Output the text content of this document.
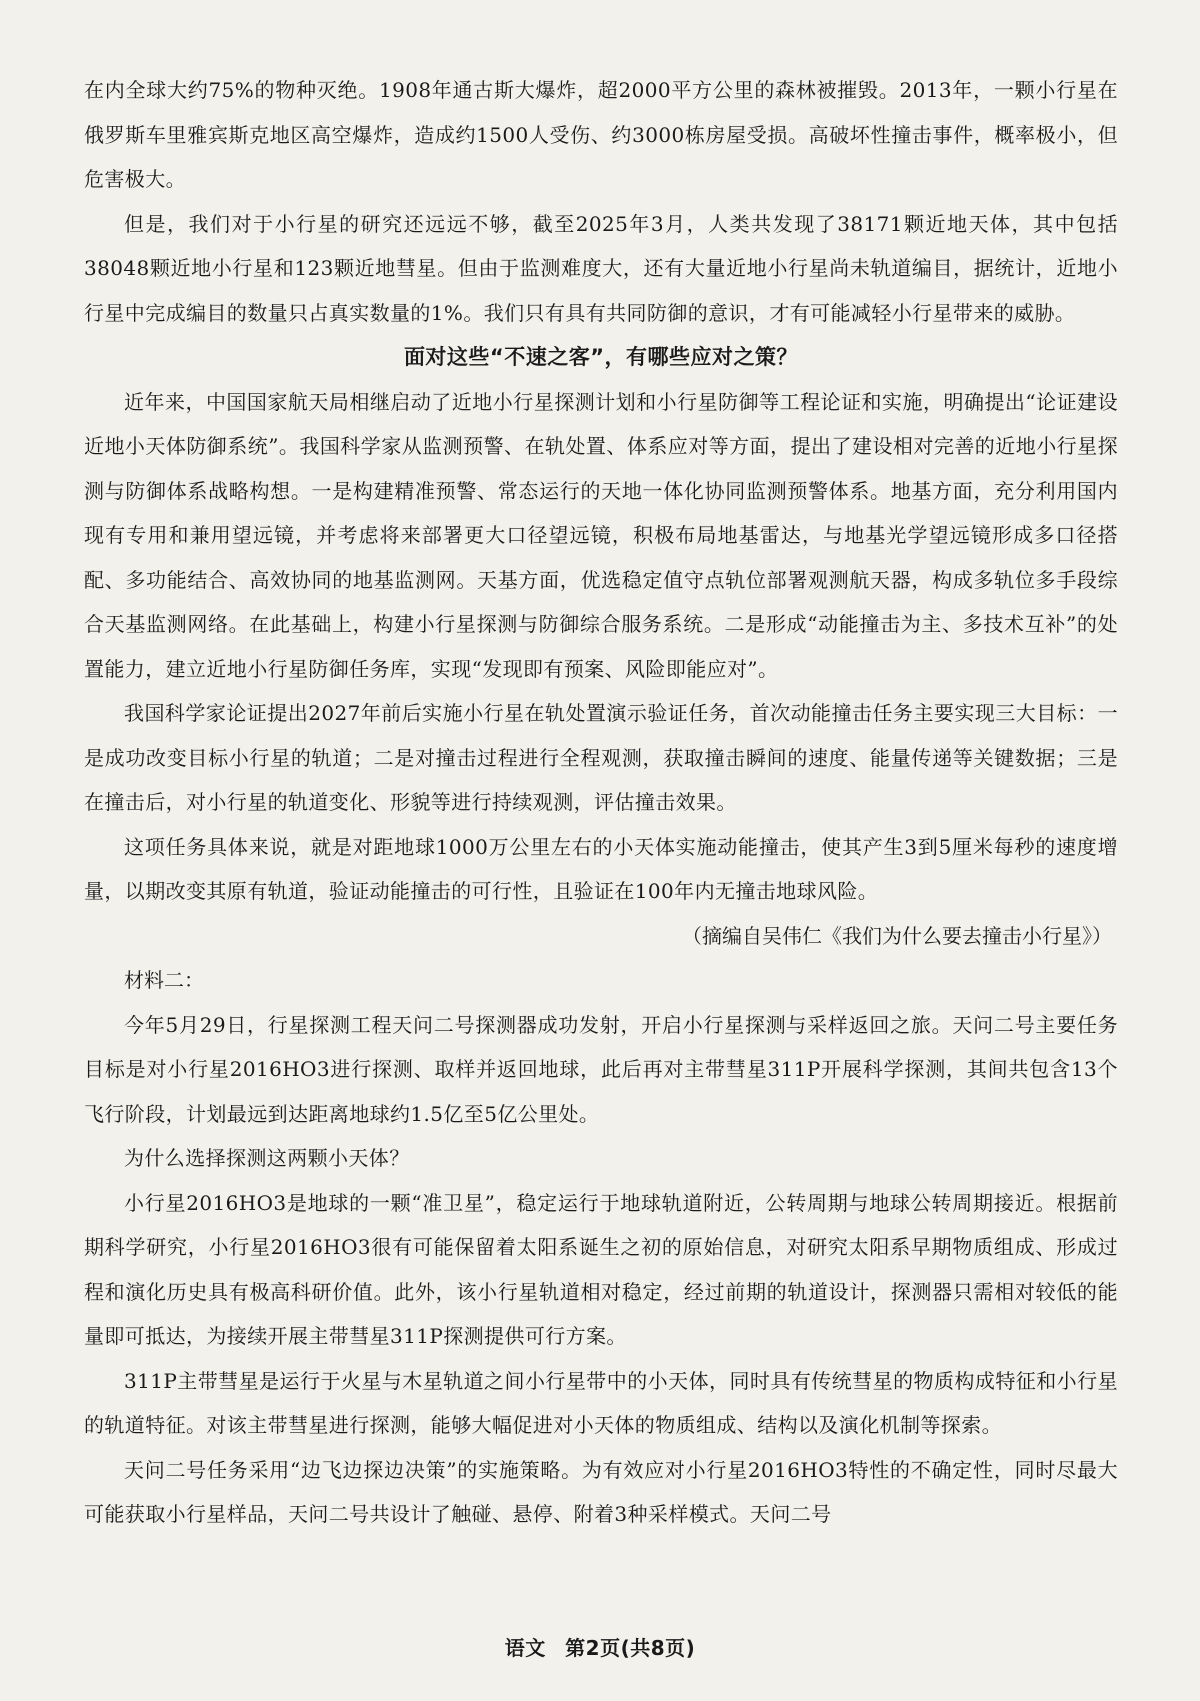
在内全球大约75%的物种灭绝。1908年通古斯大爆炸，超2000平方公里的森林被摧毁。2013年，一颗小行星在俄罗斯车里雅宾斯克地区高空爆炸，造成约1500人受伤、约3000栋房屋受损。高破坏性撞击事件，概率极小，但危害极大。

但是，我们对于小行星的研究还远远不够，截至2025年3月，人类共发现了38171颗近地天体，其中包括38048颗近地小行星和123颗近地彗星。但由于监测难度大，还有大量近地小行星尚未轨道编目，据统计，近地小行星中完成编目的数量只占真实数量的1%。我们只有具有共同防御的意识，才有可能减轻小行星带来的威胁。

面对这些“不速之客”，有哪些应对之策？

近年来，中国国家航天局相继启动了近地小行星探测计划和小行星防御等工程论证和实施，明确提出“论证建设近地小天体防御系统”。我国科学家从监测预警、在轨处置、体系应对等方面，提出了建设相对完善的近地小行星探测与防御体系战略构想。一是构建精准预警、常态运行的天地一体化协同监测预警体系。地基方面，充分利用国内现有专用和兼用望远镜，并考虑将来部署更大口径望远镜，积极布局地基雷达，与地基光学望远镜形成多口径搭配、多功能结合、高效协同的地基监测网。天基方面，优选稳定值守点轨位部署观测航天器，构成多轨位多手段综合天基监测网络。在此基础上，构建小行星探测与防御综合服务系统。二是形成“动能撞击为主、多技术互补”的处置能力，建立近地小行星防御任务库，实现“发现即有预案、风险即能应对”。

我国科学家论证提出2027年前后实施小行星在轨处置演示验证任务，首次动能撞击任务主要实现三大目标：一是成功改变目标小行星的轨道；二是对撞击过程进行全程观测，获取撞击瞬间的速度、能量传递等关键数据；三是在撞击后，对小行星的轨道变化、形貌等进行持续观测，评估撞击效果。

这项任务具体来说，就是对距地球1000万公里左右的小天体实施动能撞击，使其产生3到5厘米每秒的速度增量，以期改变其原有轨道，验证动能撞击的可行性，且验证在100年内无撞击地球风险。

（摘编自吴伟仁《我们为什么要去撞击小行星》）

材料二：

今年5月29日，行星探测工程天问二号探测器成功发射，开启小行星探测与采样返回之旅。天问二号主要任务目标是对小行星2016HO3进行探测、取样并返回地球，此后再对主带彗星311P开展科学探测，其间共包含13个飞行阶段，计划最远到达距离地球约1.5亿至5亿公里处。

为什么选择探测这两颗小天体？

小行星2016HO3是地球的一颗“准卫星”，稳定运行于地球轨道附近，公转周期与地球公转周期接近。根据前期科学研究，小行星2016HO3很有可能保留着太阳系诞生之初的原始信息，对研究太阳系早期物质组成、形成过程和演化历史具有极高科研价值。此外，该小行星轨道相对稳定，经过前期的轨道设计，探测器只需相对较低的能量即可抵达，为接续开展主带彗星311P探测提供可行方案。

311P主带彗星是运行于火星与木星轨道之间小行星带中的小天体，同时具有传统彗星的物质构成特征和小行星的轨道特征。对该主带彗星进行探测，能够大幅促进对小天体的物质组成、结构以及演化机制等探索。

天问二号任务采用“边飞边探边决策”的实施策略。为有效应对小行星2016HO3特性的不确定性，同时尽最大可能获取小行星样品，天问二号共设计了触碰、悬停、附着3种采样模式。天问二号

语文 第2页(共8页)
